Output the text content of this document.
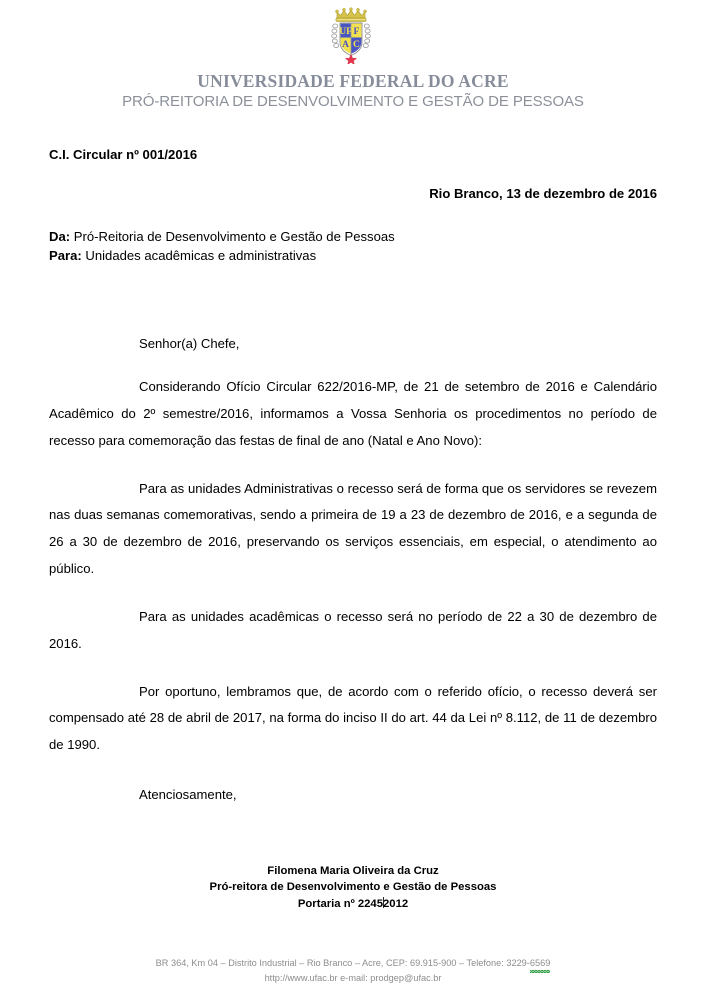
UF F
A C
UNIVERSIDADE FEDERAL DO ACRE
PRÓ-REITORIA DE DESENVOLVIMENTO E GESTÃO DE PESSOAS
C.I. Circular nº 001/2016
Rio Branco, 13 de dezembro de 2016
Da: Pró-Reitoria de Desenvolvimento e Gestão de Pessoas
Para: Unidades acadêmicas e administrativas
Senhor(a) Chefe,

Considerando Ofício Circular 622/2016-MP, de 21 de setembro de 2016 e Calendário Acadêmico do 2º semestre/2016, informamos a Vossa Senhoria os procedimentos no período de recesso para comemoração das festas de final de ano (Natal e Ano Novo):

Para as unidades Administrativas o recesso será de forma que os servidores se revezem nas duas semanas comemorativas, sendo a primeira de 19 a 23 de dezembro de 2016, e a segunda de 26 a 30 de dezembro de 2016, preservando os serviços essenciais, em especial, o atendimento ao público.

Para as unidades acadêmicas o recesso será no período de 22 a 30 de dezembro de 2016.

Por oportuno, lembramos que, de acordo com o referido ofício, o recesso deverá ser compensado até 28 de abril de 2017, na forma do inciso II do art. 44 da Lei nº 8.112, de 11 de dezembro de 1990.

Atenciosamente,
Filomena Maria Oliveira da Cruz
Pró-reitora de Desenvolvimento e Gestão de Pessoas
Portaria nº 22452012
BR 364, Km 04 – Distrito Industrial – Rio Branco – Acre, CEP: 69.915-900 – Telefone: 3229-6569
http://www.ufac.br e-mail: prodgep@ufac.br
